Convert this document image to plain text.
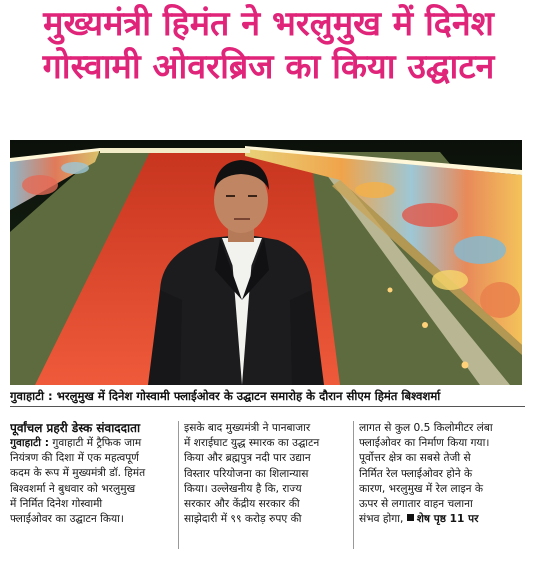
मुख्यमंत्री हिमंत ने भरलुमुख में दिनेश
गोस्वामी ओवरब्रिज का किया उद्घाटन
गुवाहाटी : भरलुमुख में दिनेश गोस्वामी फ्लाईओवर के उद्घाटन समारोह के दौरान सीएम हिमंत बिश्वशर्मा
पूर्वांचल प्रहरी डेस्क संवाददाता
गुवाहाटी : गुवाहाटी में ट्रैफिक जाम
नियंत्रण की दिशा में एक महत्वपूर्ण
कदम के रूप में मुख्यमंत्री डॉ. हिमंत
बिश्वशर्मा ने बुधवार को भरलुमुख
में निर्मित दिनेश गोस्वामी
फ्लाईओवर का उद्घाटन किया।
इसके बाद मुख्यमंत्री ने पानबाजार
में शराईघाट युद्ध स्मारक का उद्घाटन
किया और ब्रह्मपुत्र नदी पार उद्यान
विस्तार परियोजना का शिलान्यास
किया। उल्लेखनीय है कि, राज्य
सरकार और केंद्रीय सरकार की
साझेदारी में ९९ करोड़ रुपए की
लागत से कुल 0.5 किलोमीटर लंबा
फ्लाईओवर का निर्माण किया गया।
पूर्वोत्तर क्षेत्र का सबसे तेजी से
निर्मित रेल फ्लाईओवर होने के
कारण, भरलुमुख में रेल लाइन के
ऊपर से लगातार वाहन चलाना
संभव होगा, शेष पृष्ठ 11 पर
